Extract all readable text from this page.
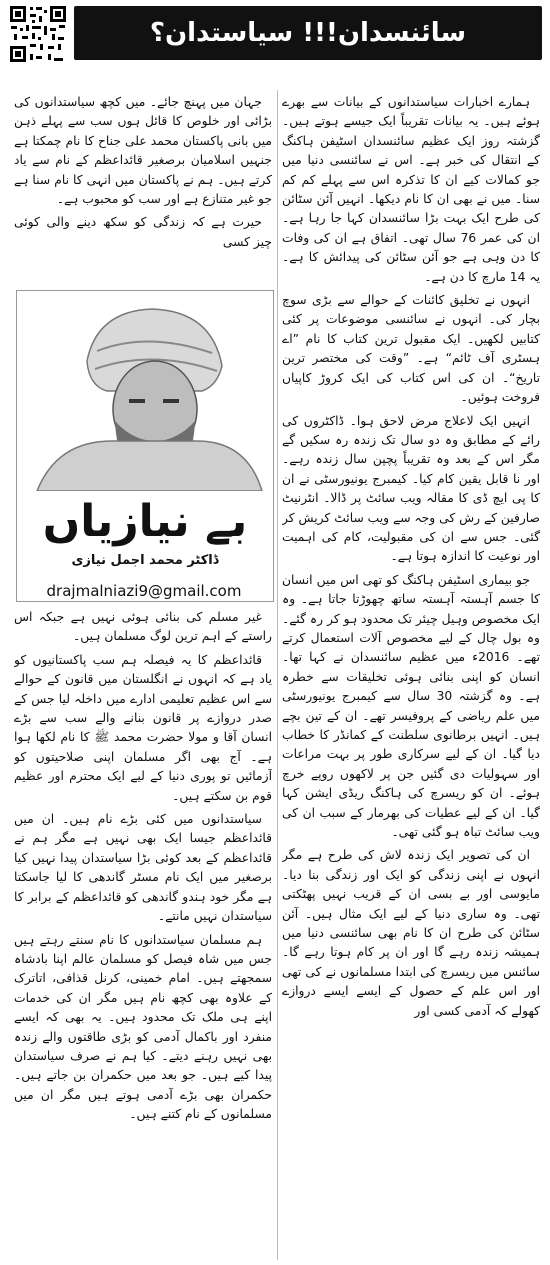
سائنسدان!!! سیاستدان؟

ہمارے اخبارات سیاستدانوں کے بیانات سے بھرے ہوئے ہیں۔ یہ بیانات تقریباً ایک جیسے ہوتے ہیں۔ گزشتہ روز ایک عظیم سائنسدان اسٹیفن ہاکنگ کے انتقال کی خبر ہے۔ اس نے سائنسی دنیا میں جو کمالات کیے ان کا تذکرہ اس سے پہلے کم کم سنا۔ میں نے بھی ان کا نام دیکھا۔ انہیں آئن سٹائن کی طرح ایک بہت بڑا سائنسدان کہا جا رہا ہے۔ ان کی عمر 76 سال تھی۔ اتفاق ہے ان کی وفات کا دن وہی ہے جو آئن سٹائن کی پیدائش کا ہے۔ یہ 14 مارچ کا دن ہے۔

انہوں نے تخلیق کائنات کے حوالے سے بڑی سوچ بچار کی۔ انہوں نے سائنسی موضوعات پر کئی کتابیں لکھیں۔ ایک مقبول ترین کتاب کا نام ”اے ہسٹری آف ٹائم“ ہے۔ ”وقت کی مختصر ترین تاریخ“۔ ان کی اس کتاب کی ایک کروڑ کاپیاں فروخت ہوئیں۔

انہیں ایک لاعلاج مرض لاحق ہوا۔ ڈاکٹروں کی رائے کے مطابق وہ دو سال تک زندہ رہ سکیں گے مگر اس کے بعد وہ تقریباً پچپن سال زندہ رہے۔ اور نا قابل یقین کام کیا۔ کیمبرج یونیورسٹی نے ان کا پی ایچ ڈی کا مقالہ ویب سائٹ پر ڈالا۔ انٹرنیٹ صارفین کے رش کی وجہ سے ویب سائٹ کریش کر گئی۔ جس سے ان کی مقبولیت، کام کی اہمیت اور نوعیت کا اندازہ ہوتا ہے۔

جو بیماری اسٹیفن ہاکنگ کو تھی اس میں انسان کا جسم آہستہ آہستہ ساتھ چھوڑتا جاتا ہے۔ وہ ایک مخصوص وہیل چیئر تک محدود ہو کر رہ گئے۔ وہ بول چال کے لیے مخصوص آلات استعمال کرتے تھے۔ 2016ء میں عظیم سائنسدان نے کہا تھا۔ انسان کو اپنی بنائی ہوئی تخلیقات سے خطرہ ہے۔ وہ گزشتہ 30 سال سے کیمبرج یونیورسٹی میں علم ریاضی کے پروفیسر تھے۔ ان کے تین بچے ہیں۔ انہیں برطانوی سلطنت کے کمانڈر کا خطاب دیا گیا۔ ان کے لیے سرکاری طور پر بہت مراعات اور سہولیات دی گئیں جن پر لاکھوں روپے خرچ ہوئے۔ ان کو ریسرچ کی ہاکنگ ریڈی ایشن کہا گیا۔ ان کے لیے عطیات کی بھرمار کے سبب ان کی ویب سائٹ تباہ ہو گئی تھی۔

ان کی تصویر ایک زندہ لاش کی طرح ہے مگر انہوں نے اپنی زندگی کو ایک اور زندگی بنا دیا۔ مایوسی اور بے بسی ان کے قریب نہیں پھٹکتی تھی۔ وہ ساری دنیا کے لیے ایک مثال ہیں۔ آئن سٹائن کی طرح ان کا نام بھی سائنسی دنیا میں ہمیشہ زندہ رہے گا اور ان پر کام ہوتا رہے گا۔ سائنس میں ریسرچ کی ابتدا مسلمانوں نے کی تھی اور اس علم کے حصول کے ایسے ایسے دروازے کھولے کہ آدمی کسی اور

جہان میں پہنچ جائے۔ میں کچھ سیاستدانوں کی بڑائی اور خلوص کا قائل ہوں سب سے پہلے ذہن میں بانی پاکستان محمد علی جناح کا نام چمکتا ہے جنہیں اسلامیان برصغیر قائداعظم کے نام سے یاد کرتے ہیں۔ ہم نے پاکستان میں انہی کا نام سنا ہے جو غیر متنازع ہے اور سب کو محبوب ہے۔

حیرت ہے کہ زندگی کو سکھ دینے والی کوئی چیز کسی

بے نیازیاں
ڈاکٹر محمد اجمل نیازی
drajmalniazi9@gmail.com

غیر مسلم کی بنائی ہوئی نہیں ہے جبکہ اس راستے کے اہم ترین لوگ مسلمان ہیں۔

قائداعظم کا یہ فیصلہ ہم سب پاکستانیوں کو یاد ہے کہ انہوں نے انگلستان میں قانون کے حوالے سے اس عظیم تعلیمی ادارے میں داخلہ لیا جس کے صدر دروازے پر قانون بنانے والے سب سے بڑے انسان آقا و مولا حضرت محمد ﷺ کا نام لکھا ہوا ہے۔ آج بھی اگر مسلمان اپنی صلاحیتوں کو آزمائیں تو پوری دنیا کے لیے ایک محترم اور عظیم قوم بن سکتے ہیں۔

سیاستدانوں میں کئی بڑے نام ہیں۔ ان میں قائداعظم جیسا ایک بھی نہیں ہے مگر ہم نے قائداعظم کے بعد کوئی بڑا سیاستدان پیدا نہیں کیا برصغیر میں ایک نام مسٹر گاندھی کا لیا جاسکتا ہے مگر خود ہندو گاندھی کو قائداعظم کے برابر کا سیاستدان نہیں مانتے۔

ہم مسلمان سیاستدانوں کا نام سنتے رہتے ہیں جس میں شاہ فیصل کو مسلمان عالم اپنا بادشاہ سمجھتے ہیں۔ امام خمینی، کرنل قذافی، اتاترک کے علاوہ بھی کچھ نام ہیں مگر ان کی خدمات اپنے ہی ملک تک محدود ہیں۔ یہ بھی کہ ایسے منفرد اور باکمال آدمی کو بڑی طاقتوں والے زندہ بھی نہیں رہنے دیتے۔ کیا ہم نے صرف سیاستدان پیدا کیے ہیں۔ جو بعد میں حکمران بن جاتے ہیں۔ حکمران بھی بڑے آدمی ہوتے ہیں مگر ان میں مسلمانوں کے نام کتنے ہیں۔
